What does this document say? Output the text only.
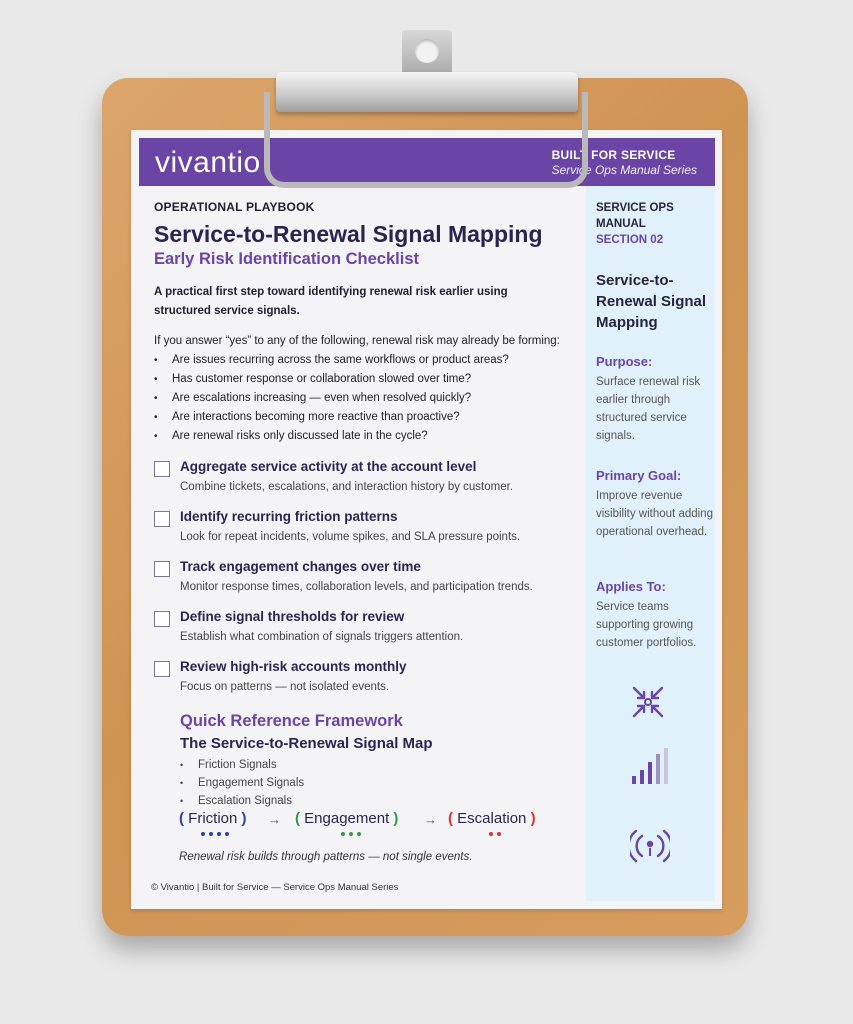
vivantio	BUILT FOR SERVICE
Service Ops Manual Series
OPERATIONAL PLAYBOOK
Service-to-Renewal Signal Mapping
Early Risk Identification Checklist
A practical first step toward identifying renewal risk earlier using
structured service signals.
If you answer “yes” to any of the following, renewal risk may already be forming:
• Are issues recurring across the same workflows or product areas?
• Has customer response or collaboration slowed over time?
• Are escalations increasing — even when resolved quickly?
• Are interactions becoming more reactive than proactive?
• Are renewal risks only discussed late in the cycle?
Aggregate service activity at the account level
Combine tickets, escalations, and interaction history by customer.
Identify recurring friction patterns
Look for repeat incidents, volume spikes, and SLA pressure points.
Track engagement changes over time
Monitor response times, collaboration levels, and participation trends.
Define signal thresholds for review
Establish what combination of signals triggers attention.
Review high-risk accounts monthly
Focus on patterns — not isolated events.
Quick Reference Framework
The Service-to-Renewal Signal Map
• Friction Signals
• Engagement Signals
• Escalation Signals
( Friction ) → ( Engagement ) → ( Escalation )
Renewal risk builds through patterns — not single events.
© Vivantio | Built for Service — Service Ops Manual Series
SERVICE OPS
MANUAL
SECTION 02
Service-to-Renewal Signal Mapping
Purpose:
Surface renewal risk earlier through structured service signals.
Primary Goal:
Improve revenue visibility without adding operational overhead.
Applies To:
Service teams supporting growing customer portfolios.
